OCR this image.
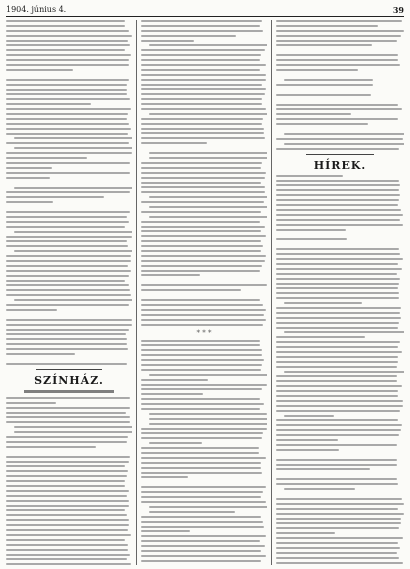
1904. június 4.	39
SZÍNHÁZ.
* * *
HÍREK.
